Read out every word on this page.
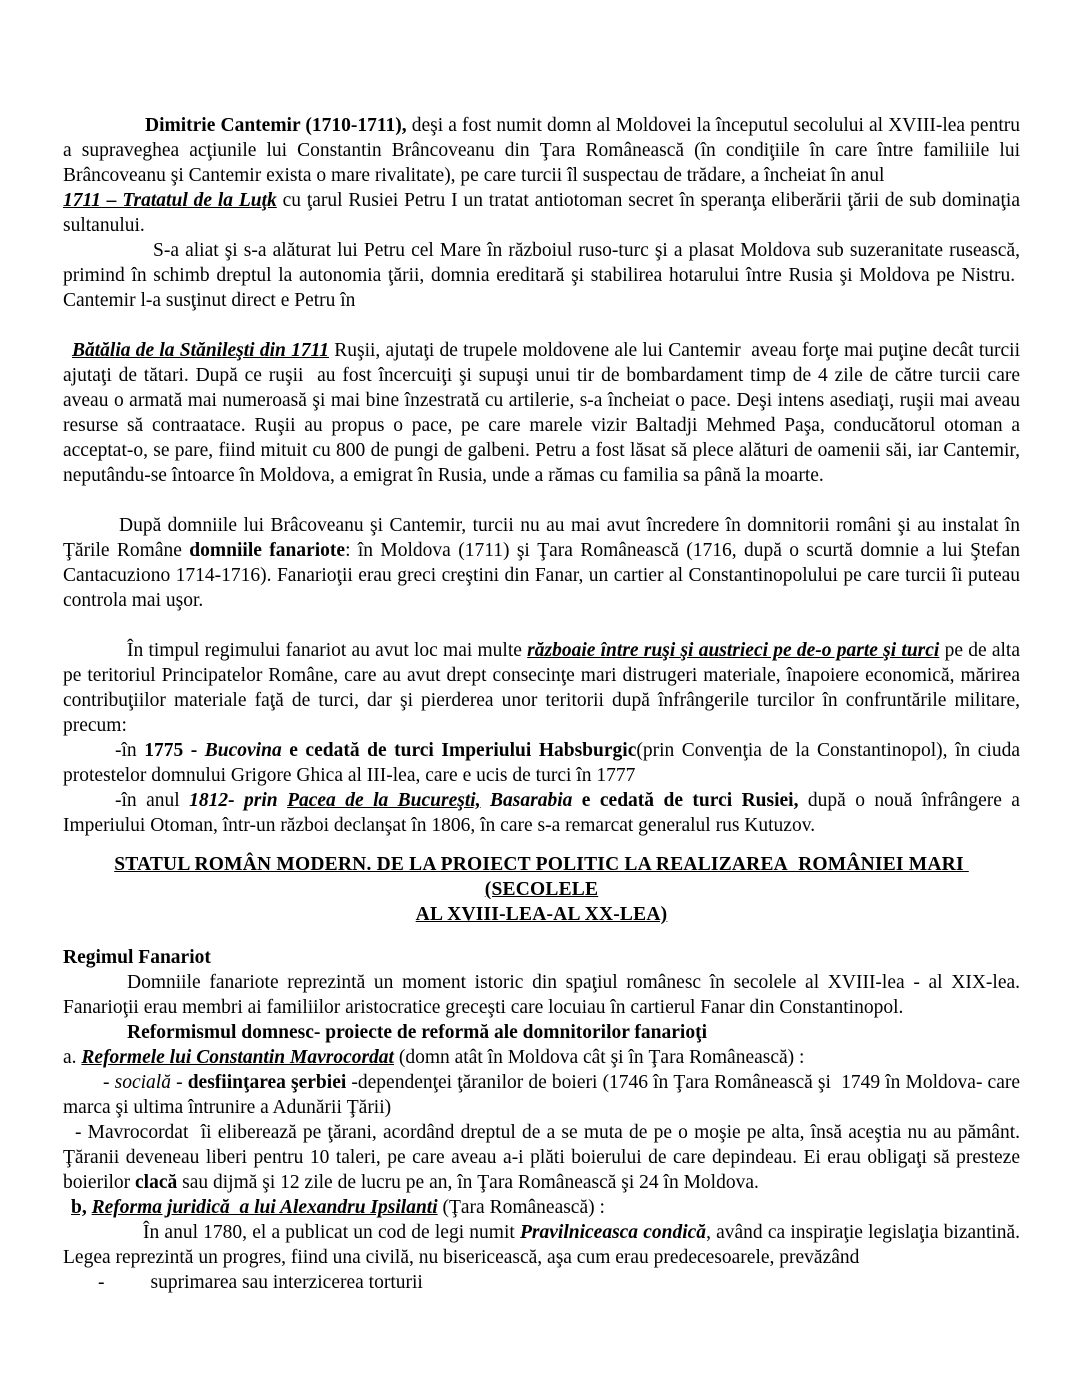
Dimitrie Cantemir (1710-1711), deşi a fost numit domn al Moldovei la începutul secolului al XVIII-lea pentru a supraveghea acţiunile lui Constantin Brâncoveanu din Ţara Românească (în condiţiile în care între familiile lui Brâncoveanu şi Cantemir exista o mare rivalitate), pe care turcii îl suspectau de trădare, a încheiat în anul

1711 – Tratatul de la Luţk cu ţarul Rusiei Petru I un tratat antiotoman secret în speranţa eliberării ţării de sub dominaţia sultanului.

S-a aliat şi s-a alăturat lui Petru cel Mare în războiul ruso-turc şi a plasat Moldova sub suzeranitate rusească, primind în schimb dreptul la autonomia ţării, domnia ereditară şi stabilirea hotarului între Rusia şi Moldova pe Nistru.  Cantemir l-a susţinut direct e Petru în

Bătălia de la Stănileşti din 1711 Ruşii, ajutaţi de trupele moldovene ale lui Cantemir  aveau forţe mai puţine decât turcii ajutaţi de tătari. După ce ruşii  au fost încercuiţi şi supuşi unui tir de bombardament timp de 4 zile de către turcii care aveau o armată mai numeroasă şi mai bine înzestrată cu artilerie, s-a încheiat o pace. Deşi intens asediaţi, ruşii mai aveau resurse să contraatace. Ruşii au propus o pace, pe care marele vizir Baltadji Mehmed Paşa, conducătorul otoman a acceptat-o, se pare, fiind mituit cu 800 de pungi de galbeni. Petru a fost lăsat să plece alături de oamenii săi, iar Cantemir, neputându-se întoarce în Moldova, a emigrat în Rusia, unde a rămas cu familia sa până la moarte.

După domniile lui Brâcoveanu şi Cantemir, turcii nu au mai avut încredere în domnitorii români şi au instalat în Ţările Române domniile fanariote: în Moldova (1711) şi Ţara Românească (1716, după o scurtă domnie a lui Ştefan Cantacuziono 1714-1716). Fanarioţii erau greci creştini din Fanar, un cartier al Constantinopolului pe care turcii îi puteau controla mai uşor.

În timpul regimului fanariot au avut loc mai multe războaie între ruşi şi austrieci pe de-o parte şi turci pe de alta pe teritoriul Principatelor Române, care au avut drept consecinţe mari distrugeri materiale, înapoiere economică, mărirea contribuţiilor materiale faţă de turci, dar şi pierderea unor teritorii după înfrângerile turcilor în confruntările militare, precum:

-în 1775 - Bucovina e cedată de turci Imperiului Habsburgic(prin Convenţia de la Constantinopol), în ciuda protestelor domnului Grigore Ghica al III-lea, care e ucis de turci în 1777

-în anul 1812- prin Pacea de la Bucureşti, Basarabia e cedată de turci Rusiei, după o nouă înfrângere a Imperiului Otoman, într-un război declanşat în 1806, în care s-a remarcat generalul rus Kutuzov.

STATUL ROMÂN MODERN. DE LA PROIECT POLITIC LA REALIZAREA  ROMÂNIEI MARI  (SECOLELE
AL XVIII-LEA-AL XX-LEA)

Regimul Fanariot

Domniile fanariote reprezintă un moment istoric din spaţiul românesc în secolele al XVIII-lea - al XIX-lea. Fanarioţii erau membri ai familiilor aristocratice greceşti care locuiau în cartierul Fanar din Constantinopol.

Reformismul domnesc- proiecte de reformă ale domnitorilor fanarioţi

a. Reformele lui Constantin Mavrocordat (domn atât în Moldova cât şi în Ţara Românească) :

- socială - desfiinţarea şerbiei -dependenţei ţăranilor de boieri (1746 în Ţara Românească şi  1749 în Moldova- care marca şi ultima întrunire a Adunării Ţării)

- Mavrocordat  îi eliberează pe ţărani, acordând dreptul de a se muta de pe o moşie pe alta, însă aceştia nu au pământ. Ţăranii deveneau liberi pentru 10 taleri, pe care aveau a-i plăti boierului de care depindeau. Ei erau obligaţi să presteze boierilor clacă sau dijmă şi 12 zile de lucru pe an, în Ţara Românească şi 24 în Moldova.

b, Reforma juridică  a lui Alexandru Ipsilanti (Ţara Românească) :

În anul 1780, el a publicat un cod de legi numit Pravilniceasca condică, având ca inspiraţie legislaţia bizantină. Legea reprezintă un progres, fiind una civilă, nu bisericească, aşa cum erau predecesoarele, prevăzând

- suprimarea sau interzicerea torturii
